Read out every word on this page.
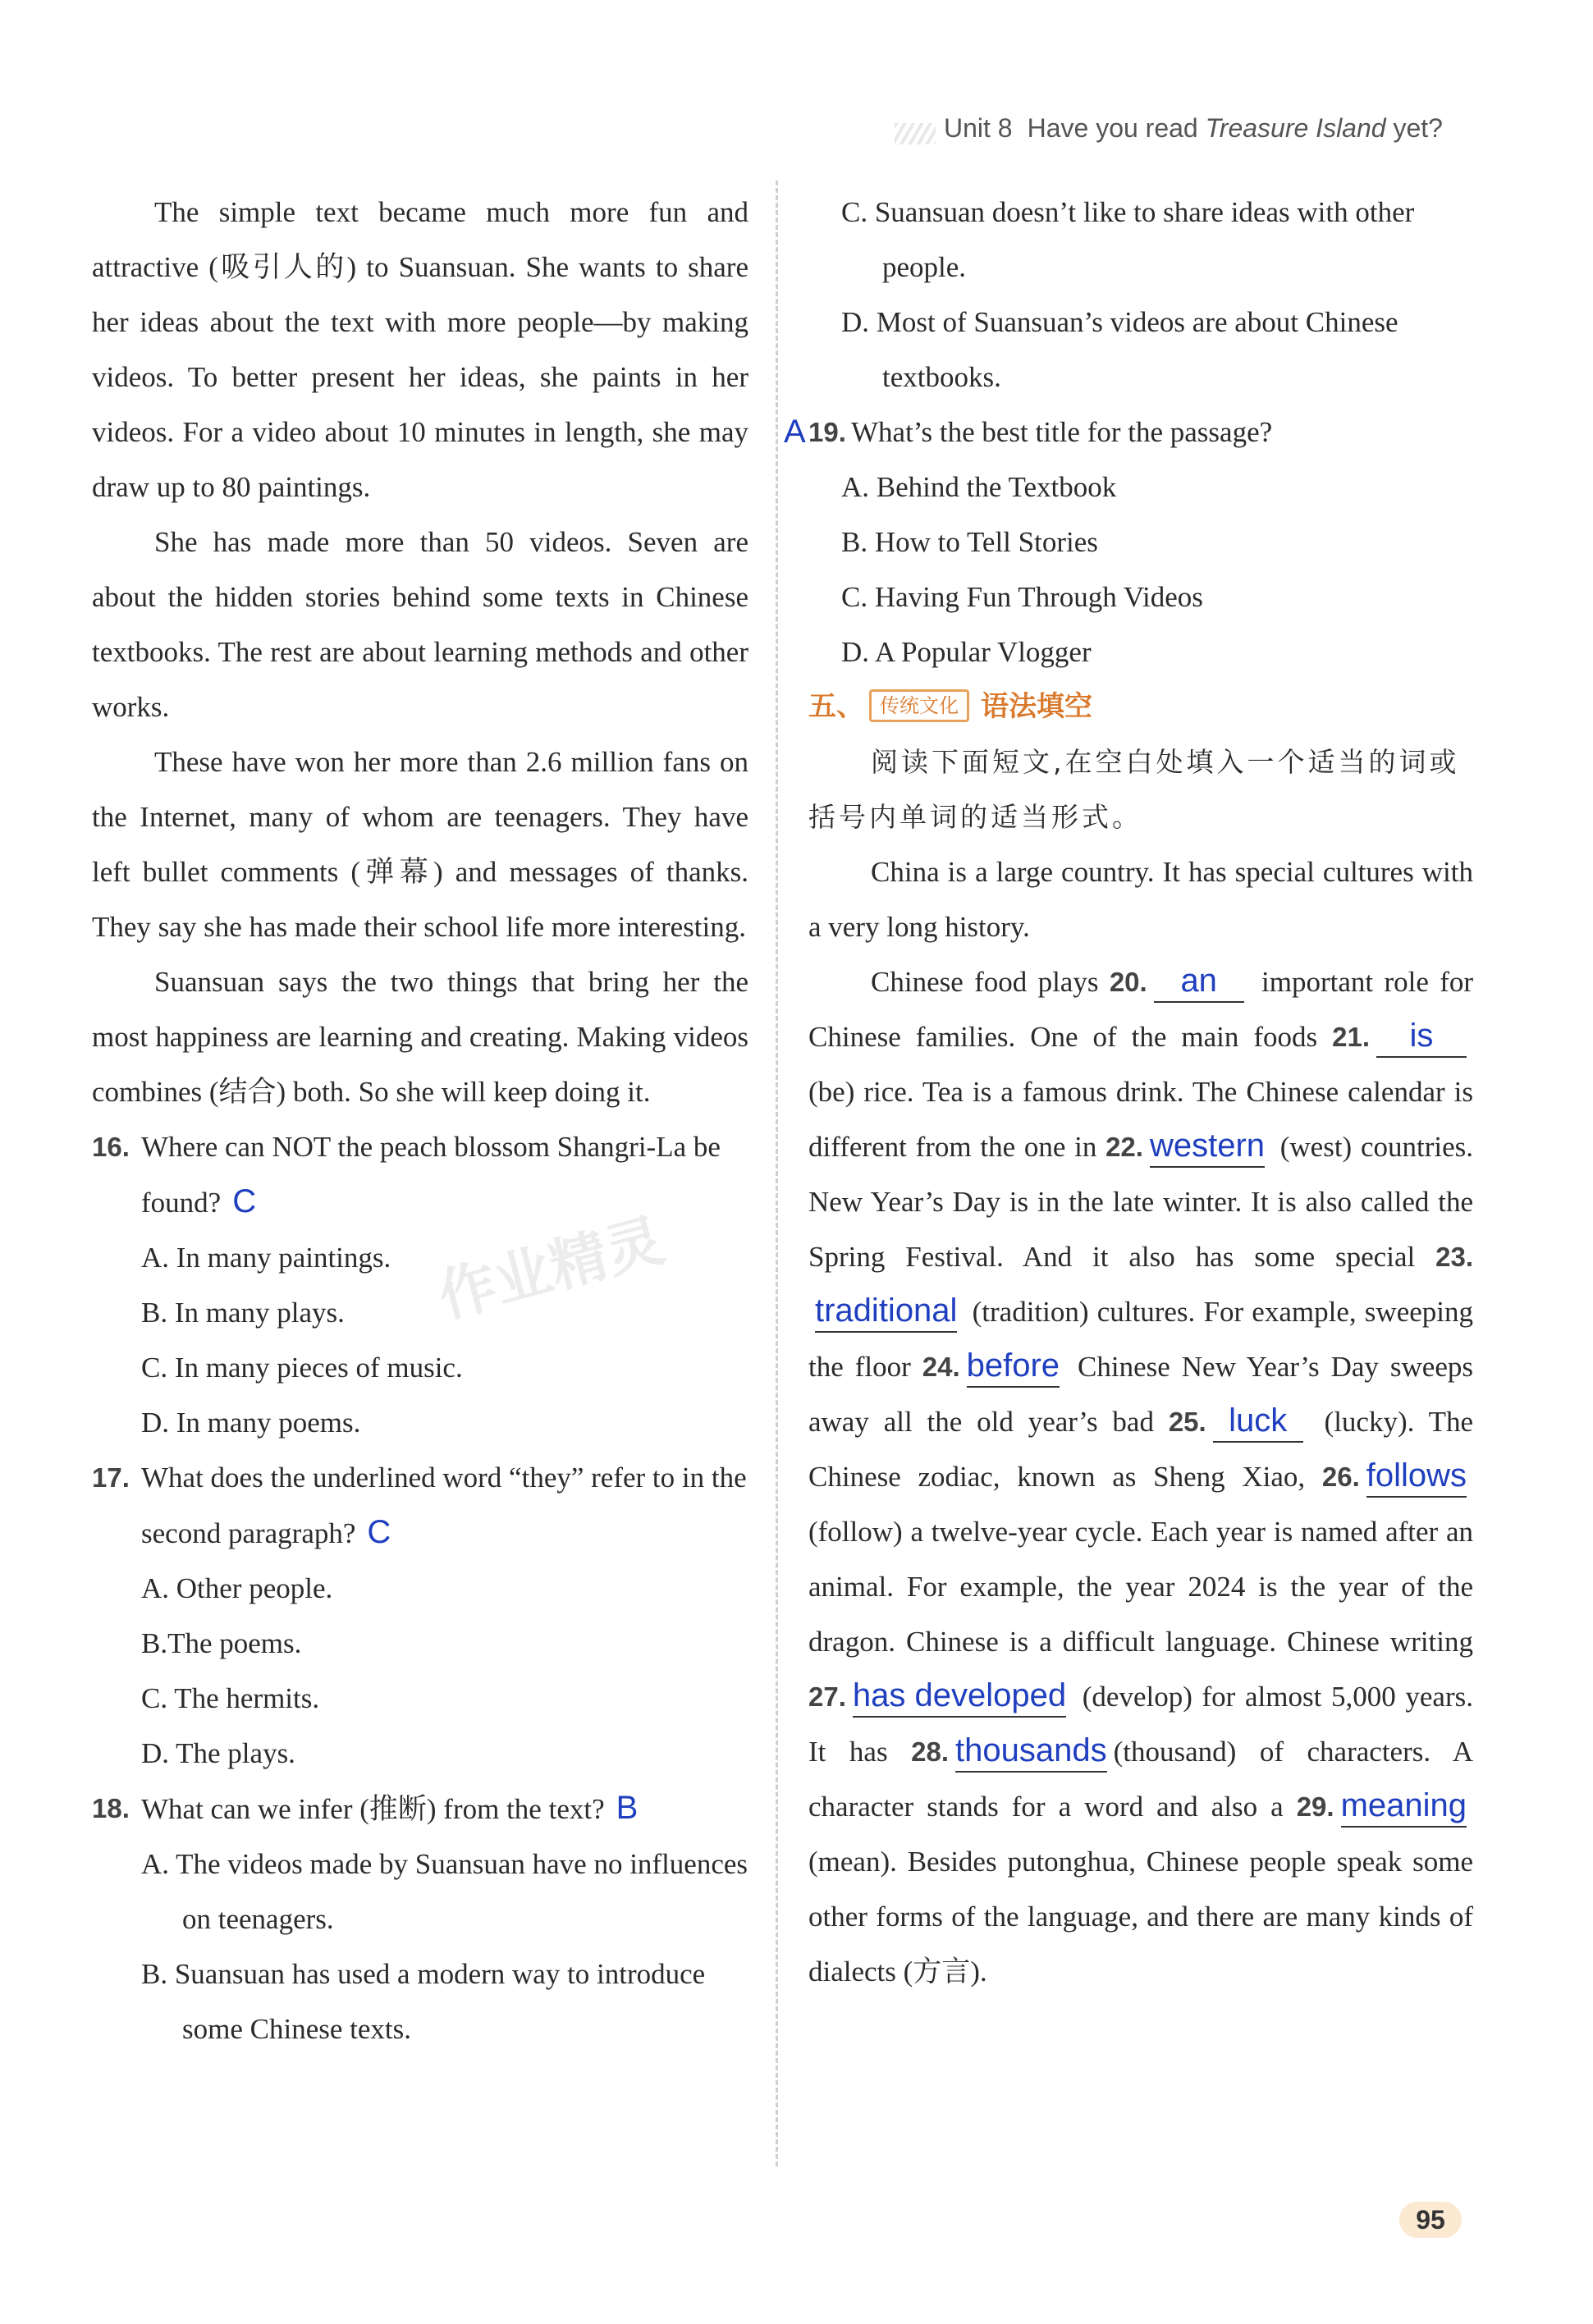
Unit 8 Have you read Treasure Island yet?
作业精灵

The simple text became much more fun and attractive (吸引人的) to Suansuan. She wants to share her ideas about the text with more people—by making videos. To better present her ideas, she paints in her videos. For a video about 10 minutes in length, she may draw up to 80 paintings.

She has made more than 50 videos. Seven are about the hidden stories behind some texts in Chinese textbooks. The rest are about learning methods and other works.

These have won her more than 2.6 million fans on the Internet, many of whom are teenagers. They have left bullet comments (弹幕) and messages of thanks. They say she has made their school life more interesting.

Suansuan says the two things that bring her the most happiness are learning and creating. Making videos combines (结合) both. So she will keep doing it.

16. Where can NOT the peach blossom Shangri-La be found? C

A. In many paintings.

B. In many plays.

C. In many pieces of music.

D. In many poems.

17. What does the underlined word “they” refer to in the second paragraph? C

A. Other people.

B.The poems.

C. The hermits.

D. The plays.

18. What can we infer (推断) from the text? B

A. The videos made by Suansuan have no influences on teenagers.

B. Suansuan has used a modern way to introduce some Chinese texts.

C. Suansuan doesn’t like to share ideas with other people.

D. Most of Suansuan’s videos are about Chinese textbooks.

A 19. What’s the best title for the passage?

A. Behind the Textbook

B. How to Tell Stories

C. Having Fun Through Videos

D. A Popular Vlogger

五、 传统文化 语法填空

阅读下面短文,在空白处填入一个适当的词或括号内单词的适当形式。

China is a large country. It has special cultures with a very long history.

Chinese food plays 20. an important role for Chinese families. One of the main foods 21. is (be) rice. Tea is a famous drink. The Chinese calendar is different from the one in 22. western (west) countries. New Year’s Day is in the late winter. It is also called the Spring Festival. And it also has some special 23.traditional (tradition) cultures. For example, sweeping the floor 24. before Chinese New Year’s Day sweeps away all the old year’s bad 25. luck (lucky). The Chinese zodiac, known as Sheng Xiao, 26. follows (follow) a twelve-year cycle. Each year is named after an animal. For example, the year 2024 is the year of the dragon. Chinese is a difficult language. Chinese writing 27. has developed (develop) for almost 5,000 years. It has 28. thousands (thousand) of characters. A character stands for a word and also a 29. meaning (mean). Besides putonghua, Chinese people speak some other forms of the language, and there are many kinds of dialects (方言).

95
